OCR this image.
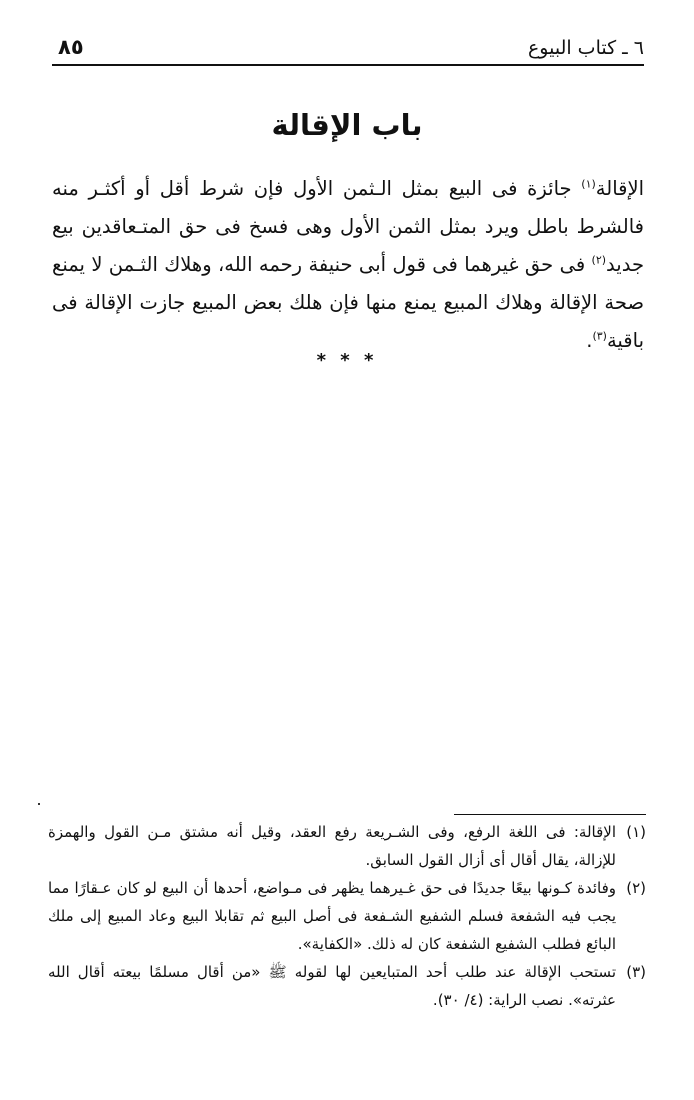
٨٥	٦ ـ كتاب البيوع
باب الإقالة
الإقالة$^{(١)}$ جائزة فى البيع بمثل الـثمن الأول فإن شرط أقل أو أكثـر منه فالشرط باطل ويرد بمثل الثمن الأول وهى فسخ فى حق المتـعاقدين بيع جديد$^{(٢)}$ فى حق غيرهما فى قول أبى حنيفة رحمه الله، وهلاك الثـمن لا يمنع صحة الإقالة وهلاك المبيع يمنع منها فإن هلك بعض المبيع جازت الإقالة فى باقية$^{(٣)}$.
* * *
(١)
الإقالة: فى اللغة الرفع، وفى الشـريعة رفع العقد، وقيل أنه مشتق مـن القول والهمزة للإزالة، يقال أقال أى أزال القول السابق.
(٢)
وفائدة كـونها بيعًا جديدًا فى حق غـيرهما يظهر فى مـواضع، أحدها أن البيع لو كان عـقارًا مما يجب فيه الشفعة فسلم الشفيع الشـفعة فى أصل البيع ثم تقابلا البيع وعاد المبيع إلى ملك البائع فطلب الشفيع الشفعة كان له ذلك. «الكفاية».
(٣)
تستحب الإقالة عند طلب أحد المتبايعين لها لقوله ﷺ «من أقال مسلمًا بيعته أقال الله عثرته». نصب الراية: (٤/ ٣٠).
